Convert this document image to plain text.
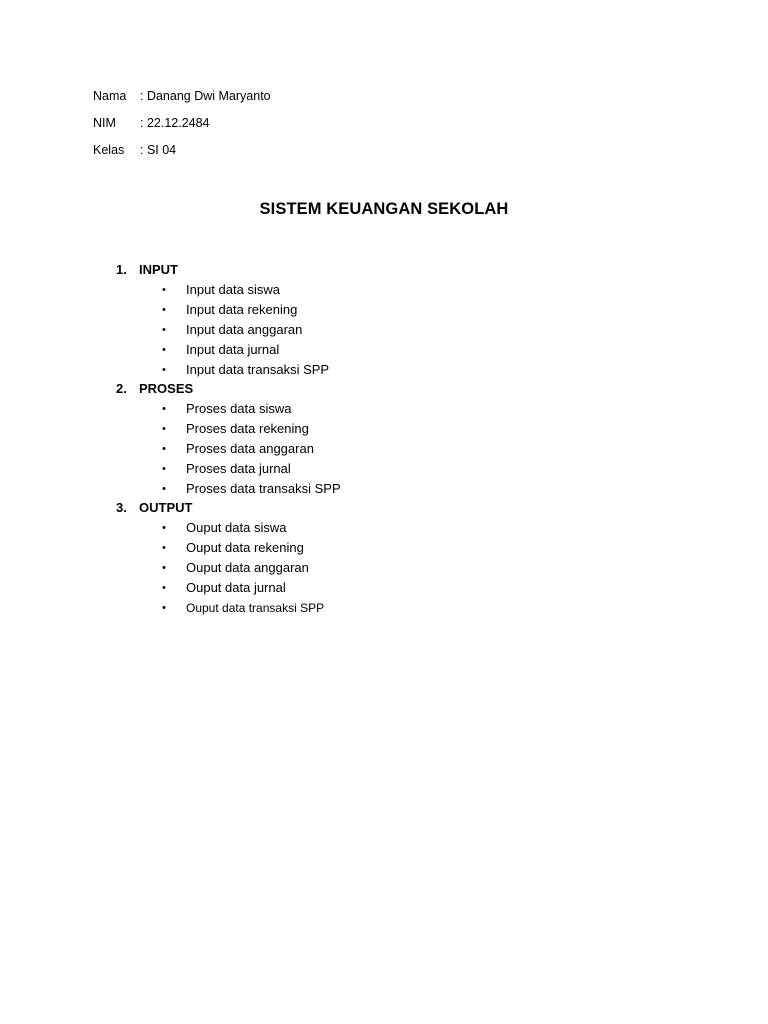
Nama : Danang Dwi Maryanto
NIM : 22.12.2484
Kelas : SI 04
SISTEM KEUANGAN SEKOLAH
1. INPUT
• Input data siswa
• Input data rekening
• Input data anggaran
• Input data jurnal
• Input data transaksi SPP
2. PROSES
• Proses data siswa
• Proses data rekening
• Proses data anggaran
• Proses data jurnal
• Proses data transaksi SPP
3. OUTPUT
• Ouput data siswa
• Ouput data rekening
• Ouput data anggaran
• Ouput data jurnal
• Ouput data transaksi SPP
